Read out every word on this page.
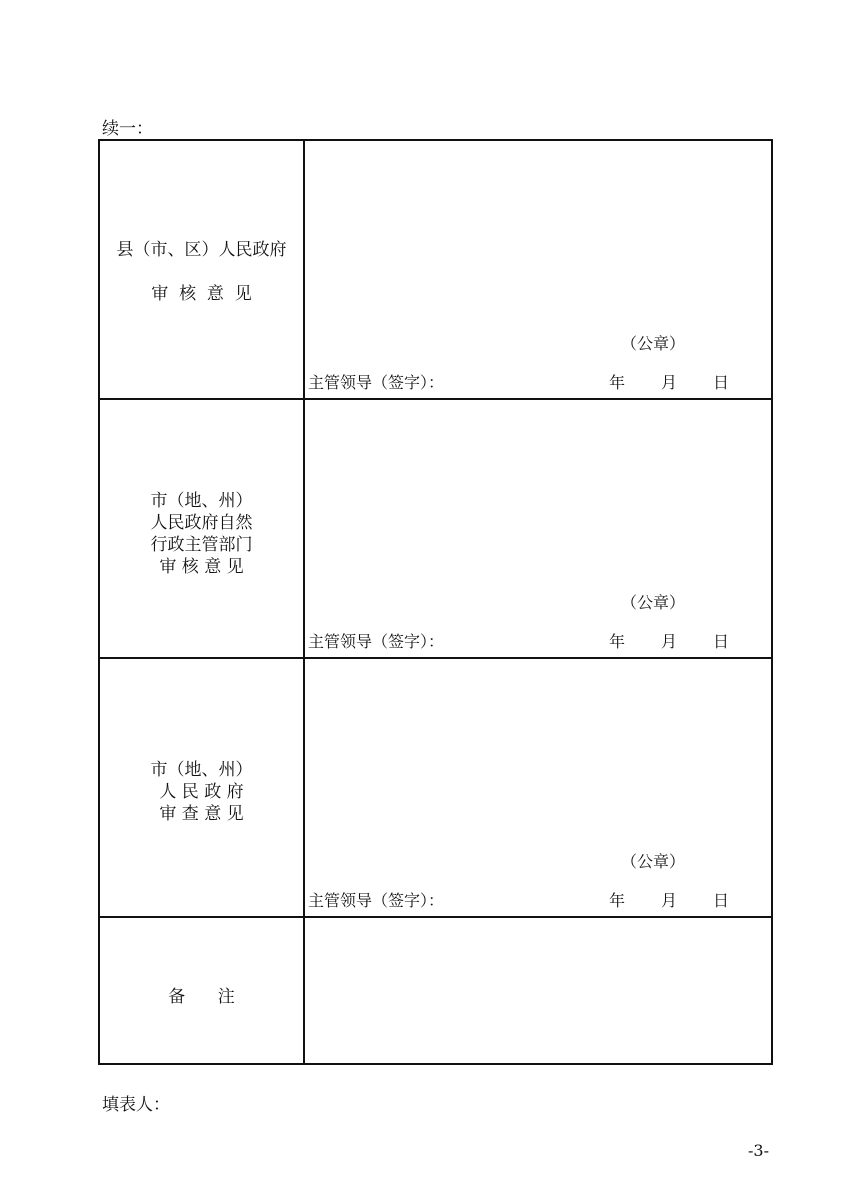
续一：
县（市、区）人民政府
审  核  意  见
（公章）
主管领导（签字）：	年 月 日
市（地、州）
人民政府自然
行政主管部门
审 核 意 见
（公章）
主管领导（签字）：	年 月 日
市（地、州）
人 民 政 府
审 查 意 见
（公章）
主管领导（签字）：	年 月 日
备      注
填表人：
-3-
